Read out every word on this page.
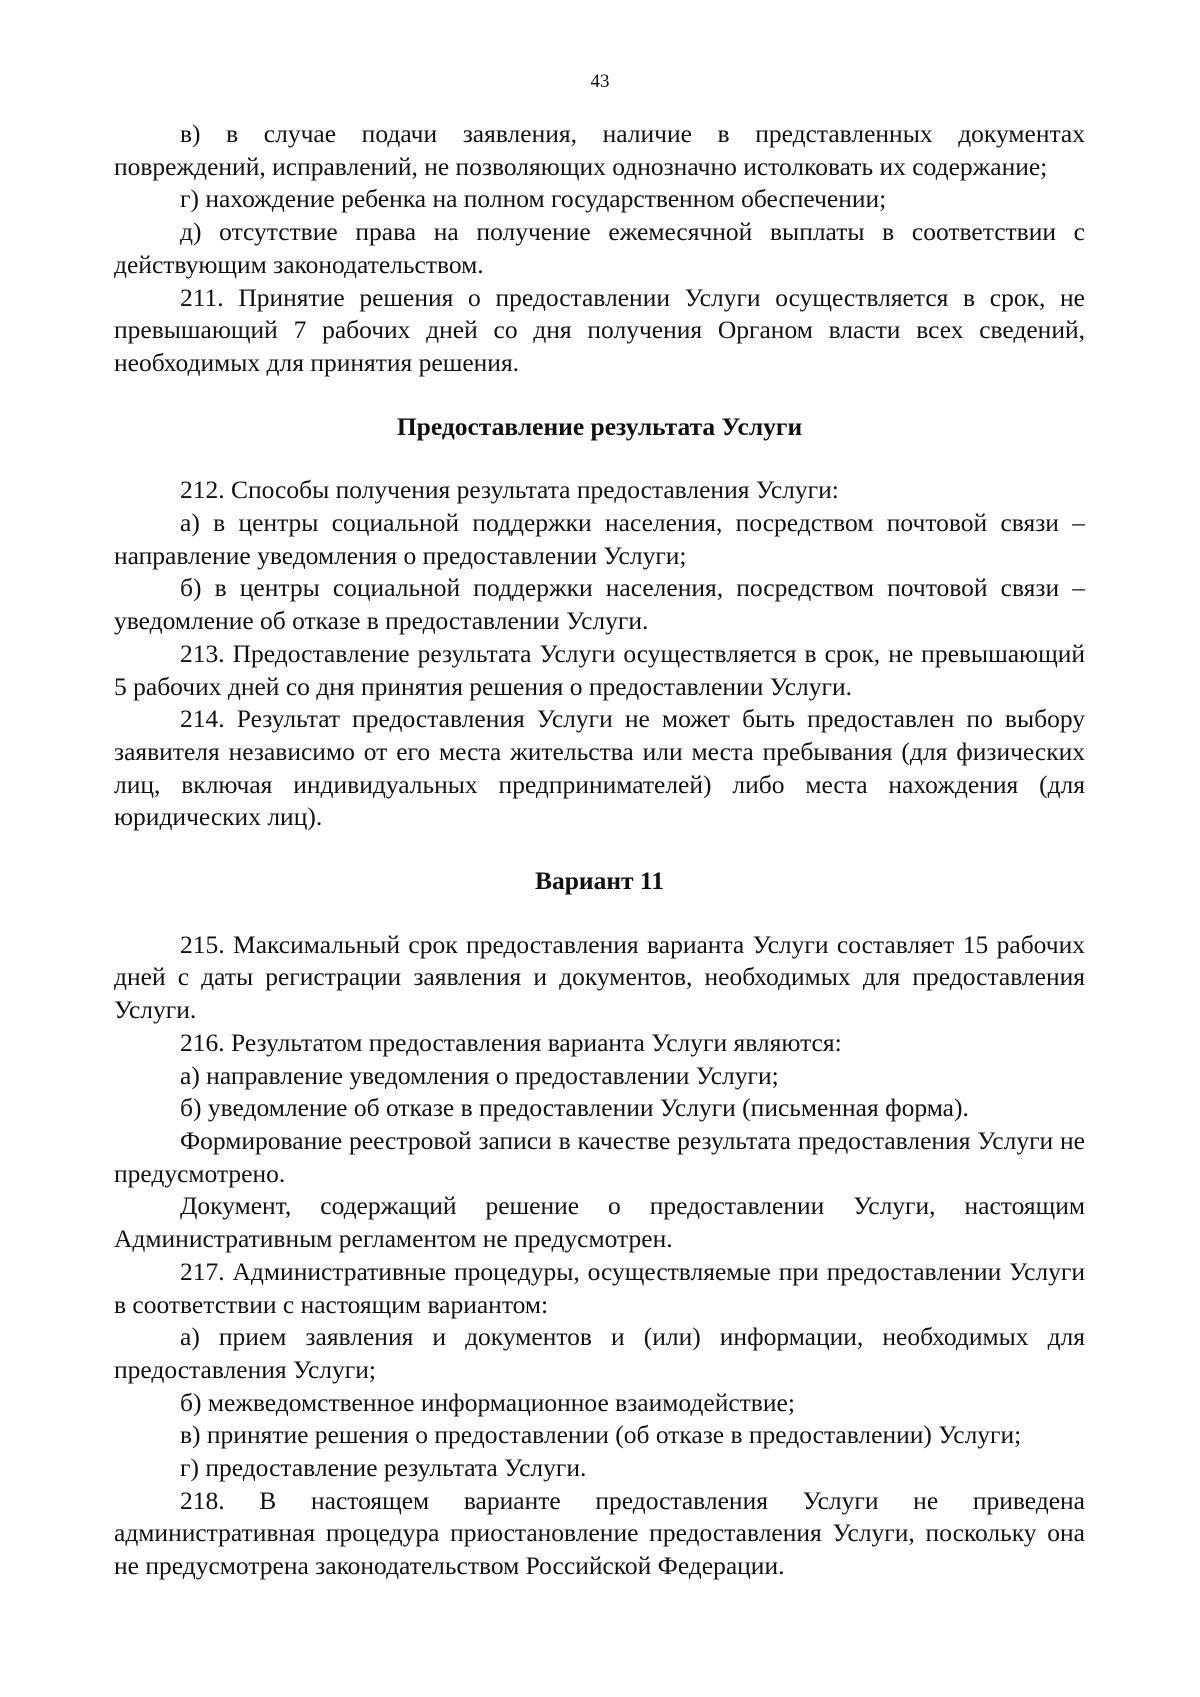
43

в) в случае подачи заявления, наличие в представленных документах повреждений, исправлений, не позволяющих однозначно истолковать их содержание;

г) нахождение ребенка на полном государственном обеспечении;

д) отсутствие права на получение ежемесячной выплаты в соответствии с действующим законодательством.

211. Принятие решения о предоставлении Услуги осуществляется в срок, не превышающий 7 рабочих дней со дня получения Органом власти всех сведений, необходимых для принятия решения.

Предоставление результата Услуги

212. Способы получения результата предоставления Услуги:

а) в центры социальной поддержки населения, посредством почтовой связи – направление уведомления о предоставлении Услуги;

б) в центры социальной поддержки населения, посредством почтовой связи – уведомление об отказе в предоставлении Услуги.

213. Предоставление результата Услуги осуществляется в срок, не превышающий 5 рабочих дней со дня принятия решения о предоставлении Услуги.

214. Результат предоставления Услуги не может быть предоставлен по выбору заявителя независимо от его места жительства или места пребывания (для физических лиц, включая индивидуальных предпринимателей) либо места нахождения (для юридических лиц).

Вариант 11

215. Максимальный срок предоставления варианта Услуги составляет 15 рабочих дней с даты регистрации заявления и документов, необходимых для предоставления Услуги.

216. Результатом предоставления варианта Услуги являются:

а) направление уведомления о предоставлении Услуги;

б) уведомление об отказе в предоставлении Услуги (письменная форма).

Формирование реестровой записи в качестве результата предоставления Услуги не предусмотрено.

Документ, содержащий решение о предоставлении Услуги, настоящим Административным регламентом не предусмотрен.

217. Административные процедуры, осуществляемые при предоставлении Услуги в соответствии с настоящим вариантом:

а) прием заявления и документов и (или) информации, необходимых для предоставления Услуги;

б) межведомственное информационное взаимодействие;

в) принятие решения о предоставлении (об отказе в предоставлении) Услуги;

г) предоставление результата Услуги.

218. В настоящем варианте предоставления Услуги не приведена административная процедура приостановление предоставления Услуги, поскольку она не предусмотрена законодательством Российской Федерации.
